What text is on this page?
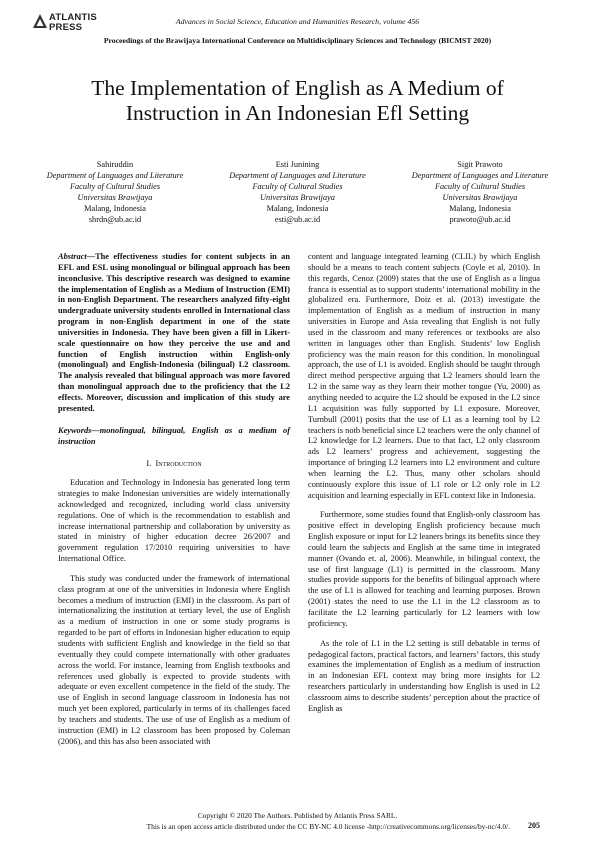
ATLANTIS
PRESS
Advances in Social Science, Education and Humanities Research, volume 456
Proceedings of the Brawijaya International Conference on Multidisciplinary Sciences and Technology (BICMST 2020)
The Implementation of English as A Medium of Instruction in An Indonesian Efl Setting
Sahiruddin
Department of Languages and Literature
Faculty of Cultural Studies
Universitas Brawijaya
Malang, Indonesia
shrdn@ub.ac.id
Esti Junining
Department of Languages and Literature
Faculty of Cultural Studies
Universitas Brawijaya
Malang, Indonesia
esti@ub.ac.id
Sigit Prawoto
Department of Languages and Literature
Faculty of Cultural Studies
Universitas Brawijaya
Malang, Indonesia
prawoto@ub.ac.id
Abstract—The effectiveness studies for content subjects in an EFL and ESL using monolingual or bilingual approach has been inconclusive. This descriptive research was designed to examine the implementation of English as a Medium of Instruction (EMI) in non-English Department. The researchers analyzed fifty-eight undergraduate university students enrolled in International class program in non-English department in one of the state universities in Indonesia. They have been given a fill in Likert-scale questionnaire on how they perceive the use and and function of English instruction within English-only (monolingual) and English-Indonesia (bilingual) L2 classroom. The analysis revealed that bilingual approach was more favored than monolingual approach due to the proficiency that the L2 effects. Moreover, discussion and implication of this study are presented.
Keywords—monolingual, bilingual, English as a medium of instruction
I. Introduction

Education and Technology in Indonesia has generated long term strategies to make Indonesian universities are widely internationally acknowledged and recognized, including world class university regulations. One of which is the recommendation to establish and increase international partnership and collaboration by university as stated in ministry of higher education decree 26/2007 and government regulation 17/2010 requiring universities to have International Office.

This study was conducted under the framework of international class program at one of the universities in Indonesia where English becomes a medium of instruction (EMI) in the classroom. As part of internationalizing the institution at tertiary level, the use of English as a medium of instruction in one or some study programs is regarded to be part of efforts in Indonesian higher education to equip students with sufficient English and knowledge in the field so that eventually they could compete internationally with other graduates across the world. For instance, learning from English textbooks and references used globally is expected to provide students with adequate or even excellent competence in the field of the study. The use of English in second language classroom in Indonesia has not much yet been explored, particularly in terms of its challenges faced by teachers and students. The use of use of English as a medium of instruction (EMI) in L2 classroom has been proposed by Coleman (2006), and this has also been associated with

content and language integrated learning (CLIL) by which English should be a means to teach content subjects (Coyle et al, 2010). In this regards, Cenoz (2009) states that the use of English as a lingua franca is essential as to support students’ international mobility in the globalized era. Furthermore, Doiz et al. (2013) investigate the implementation of English as a medium of instruction in many universities in Europe and Asia revealing that English is not fully used in the classroom and many references or textbooks are also written in languages other than English. Students’ low English proficiency was the main reason for this condition. In monolingual approach, the use of L1 is avoided. English should be taught through direct method perspective arguing that L2 learners should learn the L2 in the same way as they learn their mother tongue (Yu, 2000) as anything needed to acquire the L2 should be exposed in the L2 since L1 acquisition was fully supported by L1 exposure. Moreover, Turnbull (2001) posits that the use of L1 as a learning tool by L2 teachers is notb beneficial since L2 teachers were the only channel of L2 knowledge for L2 learners. Due to that fact, L2 only classroom ads L2 learners’ progress and achievement, suggesting the importance of bringing L2 learners into L2 environment and culture when learning the L2. Thus, many other scholars should continuously explore this issue of L1 role or L2 only role in L2 acquisition and learning especially in EFL context like in Indonesia.

Furthermore, some studies found that English-only classroom has positive effect in developing English proficiency because much English exposure or input for L2 leaners brings its benefits since they could learn the subjects and English at the same time in integrated manner (Ovando et. al, 2006). Meanwhile, in bilingual context, the use of first language (L1) is permitted in the classroom. Many studies provide supports for the benefits of bilingual approach where the use of L1 is allowed for teaching and learning purposes. Brown (2001) states the need to use the L1 in the L2 classroom as to facilitate the L2 learning particularly for L2 learners with low proficiency.

As the role of L1 in the L2 setting is still debatable in terms of pedagogical factors, practical factors, and learners’ factors, this study examines the implementation of English as a medium of instruction in an Indonesian EFL context may bring more insights for L2 researchers particularly in understanding how English is used in L2 classroom aims to describe students’ perception about the practice of English as

Copyright © 2020 The Authors. Published by Atlantis Press SARL.
This is an open access article distributed under the CC BY-NC 4.0 license -http://creativecommons.org/licenses/by-nc/4.0/. 205
